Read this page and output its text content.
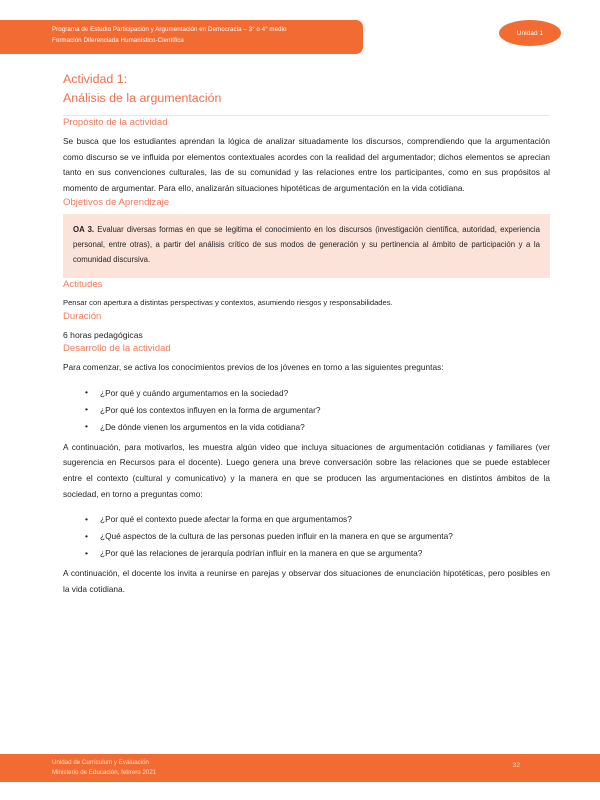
Programa de Estudio Participación y Argumentación en Democracia – 3° o 4° medio
Formación Diferenciada Humanístico-Científica
Unidad 1
Actividad 1:
Análisis de la argumentación
Propósito de la actividad

Se busca que los estudiantes aprendan la lógica de analizar situadamente los discursos, comprendiendo que la argumentación como discurso se ve influida por elementos contextuales acordes con la realidad del argumentador; dichos elementos se aprecian tanto en sus convenciones culturales, las de su comunidad y las relaciones entre los participantes, como en sus propósitos al momento de argumentar. Para ello, analizarán situaciones hipotéticas de argumentación en la vida cotidiana.

Objetivos de Aprendizaje

OA 3. Evaluar diversas formas en que se legitima el conocimiento en los discursos (investigación científica, autoridad, experiencia personal, entre otras), a partir del análisis crítico de sus modos de generación y su pertinencia al ámbito de participación y a la comunidad discursiva.

Actitudes

Pensar con apertura a distintas perspectivas y contextos, asumiendo riesgos y responsabilidades.

Duración

6 horas pedagógicas

Desarrollo de la actividad

Para comenzar, se activa los conocimientos previos de los jóvenes en torno a las siguientes preguntas:

• ¿Por qué y cuándo argumentamos en la sociedad?
• ¿Por qué los contextos influyen en la forma de argumentar?
• ¿De dónde vienen los argumentos en la vida cotidiana?

A continuación, para motivarlos, les muestra algún video que incluya situaciones de argumentación cotidianas y familiares (ver sugerencia en Recursos para el docente). Luego genera una breve conversación sobre las relaciones que se puede establecer entre el contexto (cultural y comunicativo) y la manera en que se producen las argumentaciones en distintos ámbitos de la sociedad, en torno a preguntas como:

• ¿Por qué el contexto puede afectar la forma en que argumentamos?
• ¿Qué aspectos de la cultura de las personas pueden influir en la manera en que se argumenta?
• ¿Por qué las relaciones de jerarquía podrían influir en la manera en que se argumenta?

A continuación, el docente los invita a reunirse en parejas y observar dos situaciones de enunciación hipotéticas, pero posibles en la vida cotidiana.

Unidad de Currículum y Evaluación
Ministerio de Educación, febrero 2021
32
